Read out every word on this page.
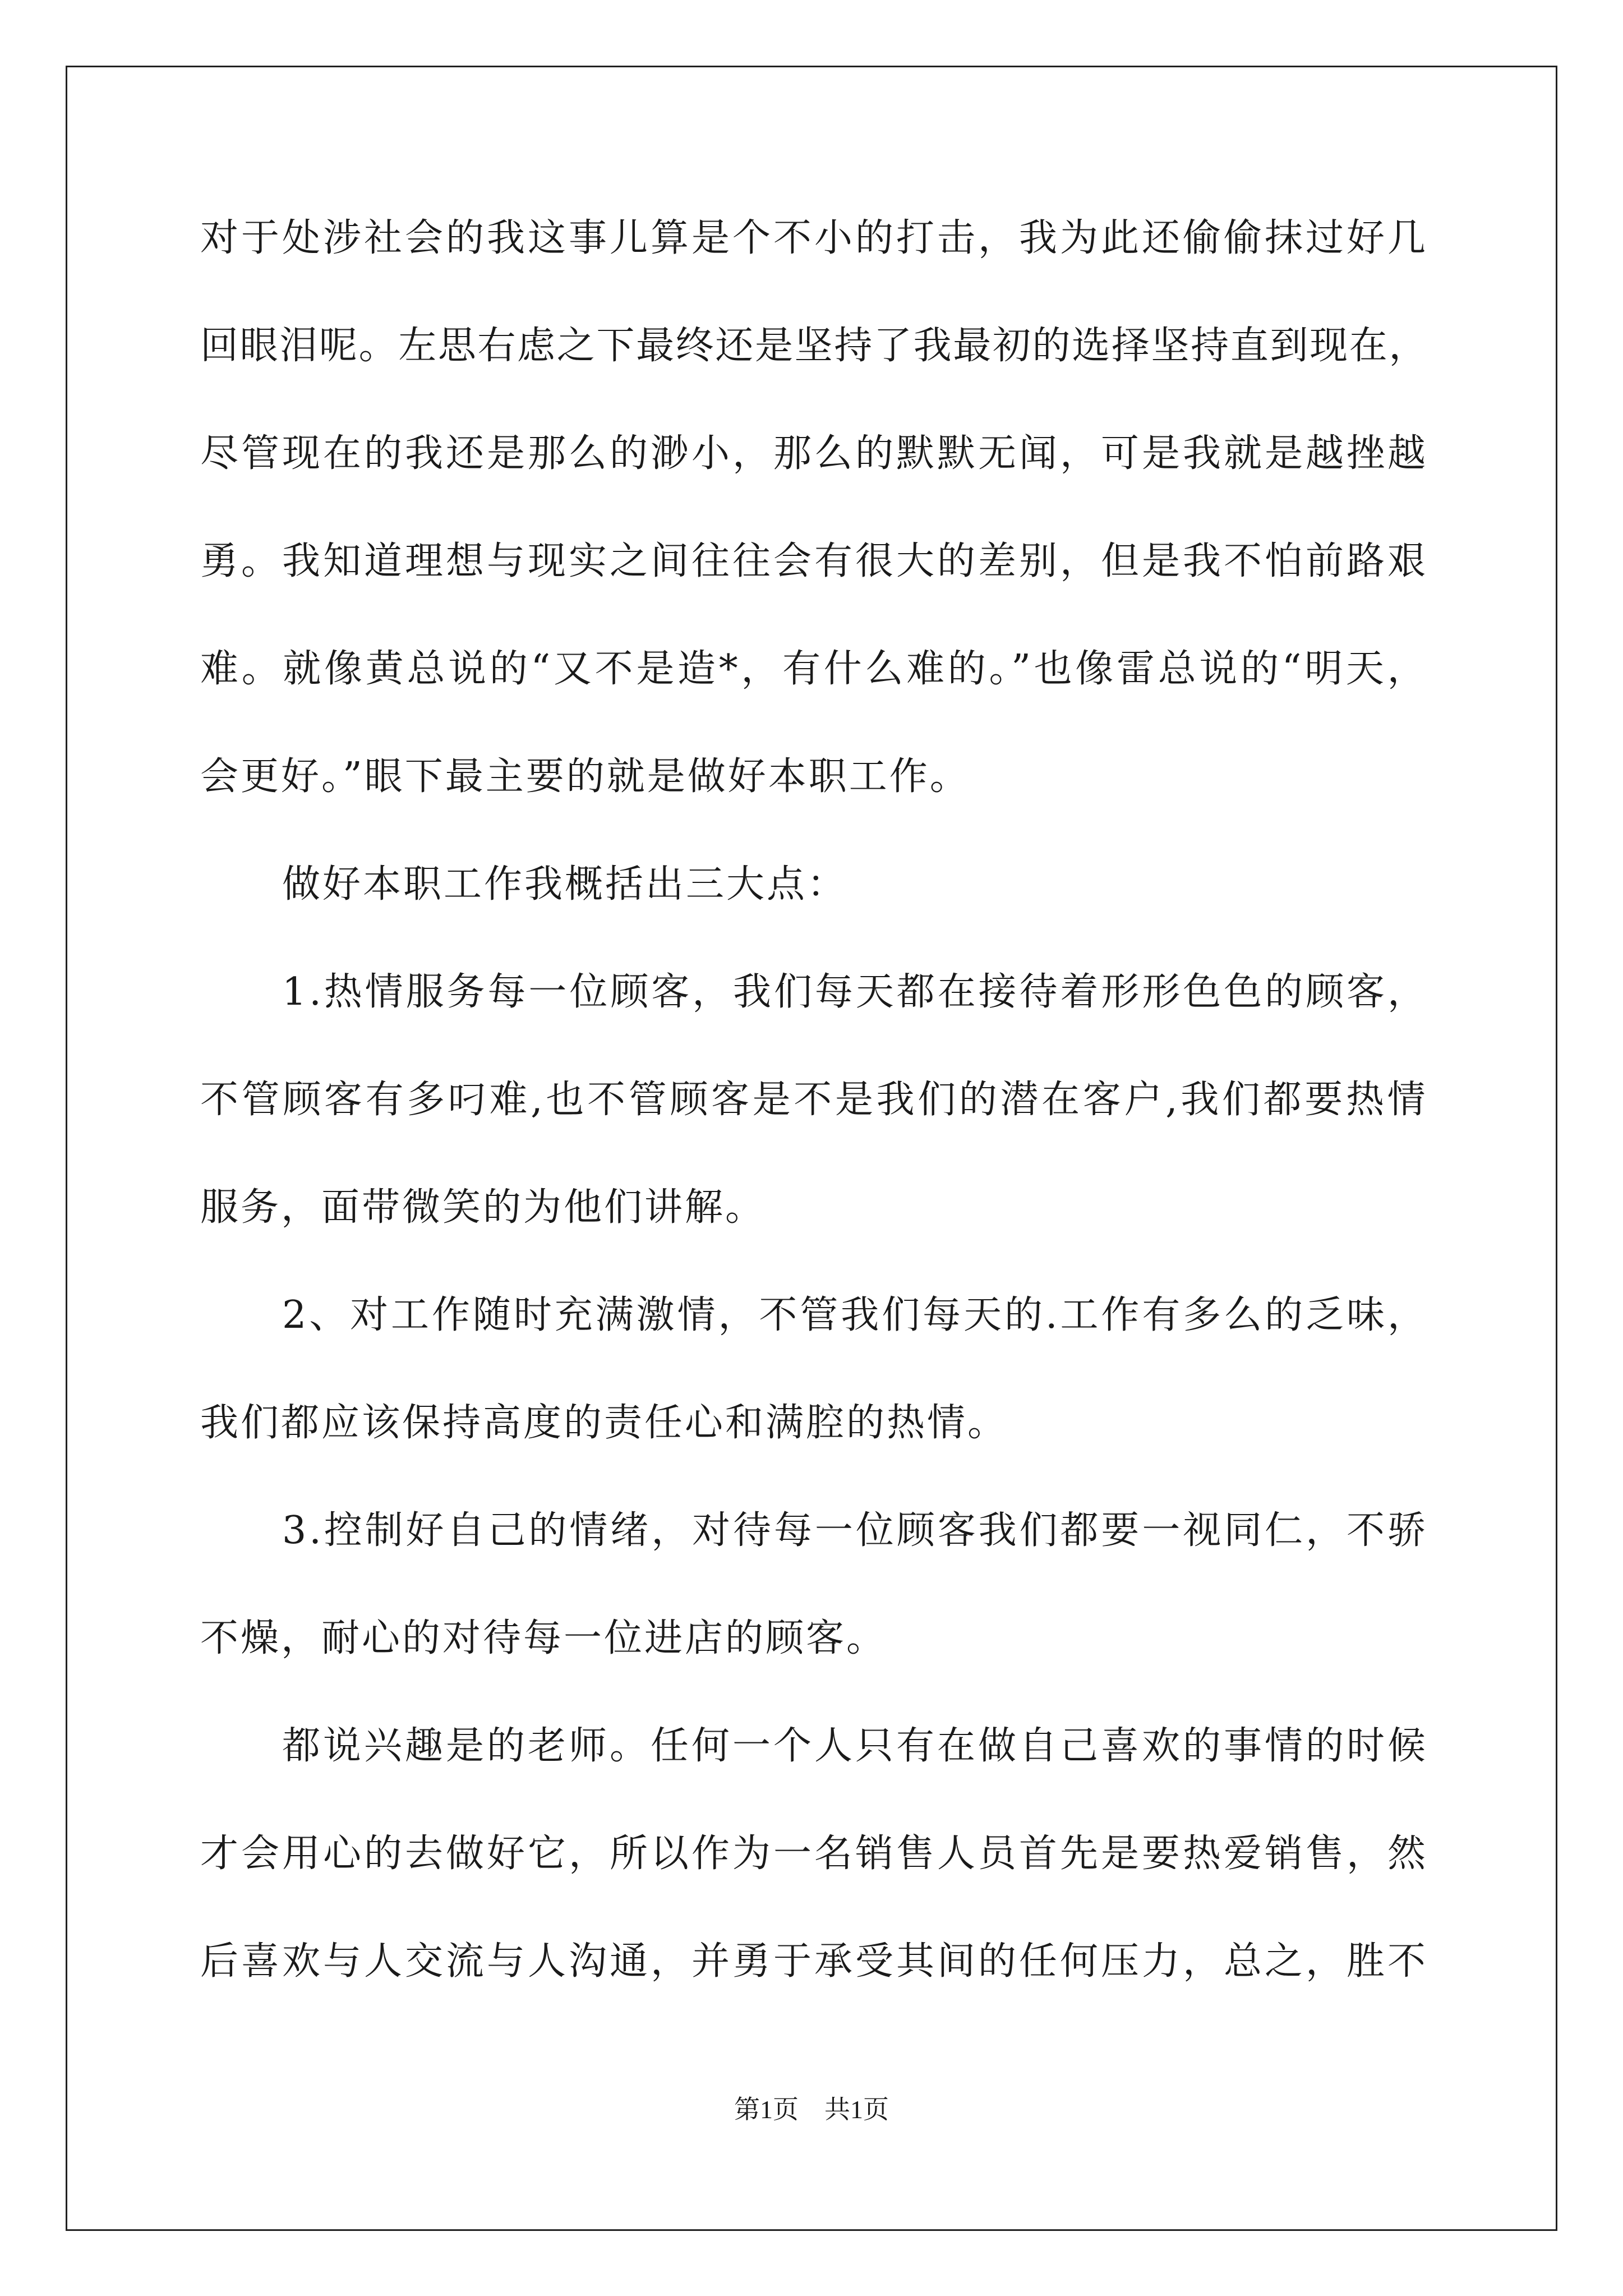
对于处涉社会的我这事儿算是个不小的打击，我为此还偷偷抹过好几
回眼泪呢。左思右虑之下最终还是坚持了我最初的选择坚持直到现在，
尽管现在的我还是那么的渺小，那么的默默无闻，可是我就是越挫越
勇。我知道理想与现实之间往往会有很大的差别，但是我不怕前路艰
难。就像黄总说的“又不是造*，有什么难的。”也像雷总说的“明天，
会更好。”眼下最主要的就是做好本职工作。
做好本职工作我概括出三大点：
1.热情服务每一位顾客，我们每天都在接待着形形色色的顾客，
不管顾客有多叼难,也不管顾客是不是我们的潜在客户,我们都要热情
服务，面带微笑的为他们讲解。
2、对工作随时充满激情，不管我们每天的.工作有多么的乏味，
我们都应该保持高度的责任心和满腔的热情。
3.控制好自己的情绪，对待每一位顾客我们都要一视同仁，不骄
不燥，耐心的对待每一位进店的顾客。
都说兴趣是的老师。任何一个人只有在做自己喜欢的事情的时候
才会用心的去做好它，所以作为一名销售人员首先是要热爱销售，然
后喜欢与人交流与人沟通，并勇于承受其间的任何压力，总之，胜不
第1页　共1页
